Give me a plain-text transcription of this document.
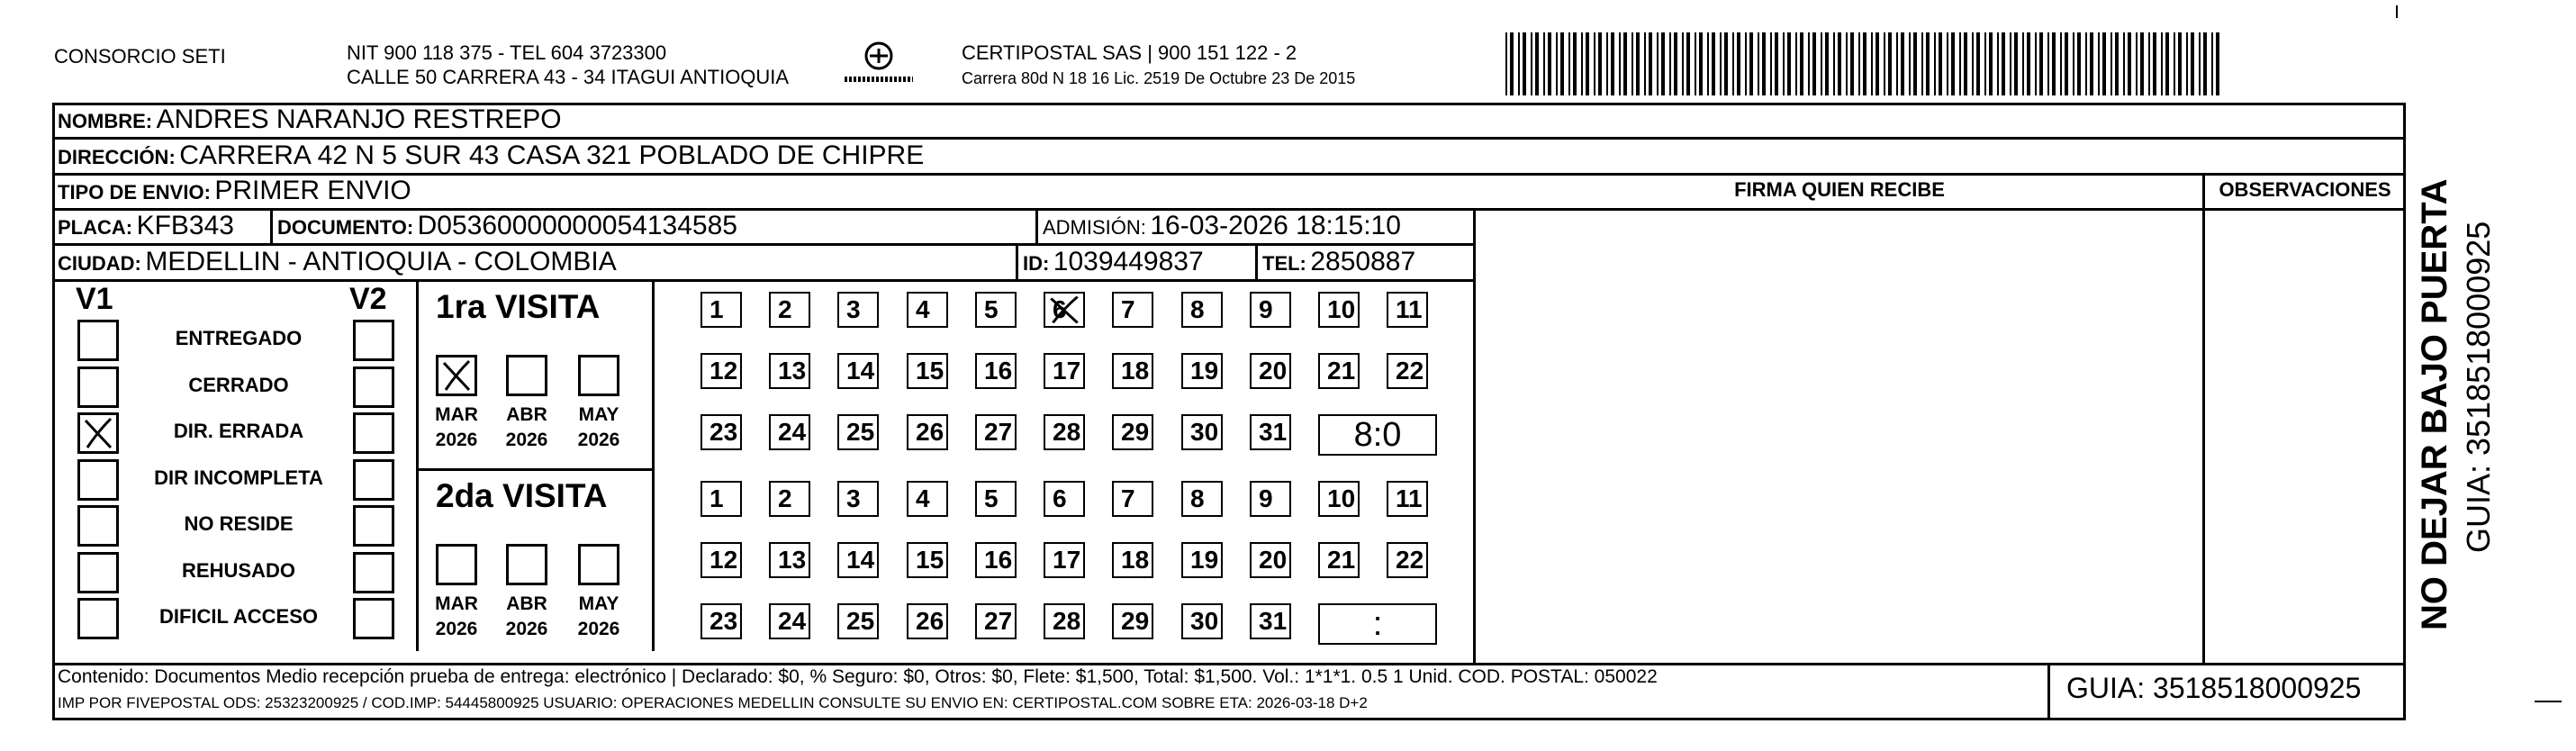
CONSORCIO SETI	NIT 900 118 375 - TEL 604 3723300
CALLE 50 CARRERA 43 - 34 ITAGUI ANTIOQUIA
CERTIPOSTAL SAS | 900 151 122 - 2
Carrera 80d N 18 16 Lic. 2519 De Octubre 23 De 2015
NOMBRE: ANDRES NARANJO RESTREPO
DIRECCIÓN: CARRERA 42 N 5 SUR 43 CASA 321 POBLADO DE CHIPRE
TIPO DE ENVIO: PRIMER ENVIO
PLACA: KFB343 DOCUMENTO: D05360000000054134585	ADMISIÓN: 16-03-2026 18:15:10
CIUDAD: MEDELLIN - ANTIOQUIA - COLOMBIA	ID: 1039449837	TEL: 2850887
FIRMA QUIEN RECIBE	OBSERVACIONES
V1	V2
ENTREGADO
CERRADO
DIR. ERRADA
DIR INCOMPLETA
NO RESIDE
REHUSADO
DIFICIL ACCESO
1ra VISITA
2da VISITA
MAR
2026
ABR
2026
MAY
2026
1	2	3	4	5	6	7	8	9	10	11
12	13	14	15	16	17	18	19	20	21	22
23	24	25	26	27	28	29	30	31	8:0
MAR
2026
ABR
2026
MAY
2026
1	2	3	4	5	6	7	8	9	10	11
12	13	14	15	16	17	18	19	20	21	22
23	24	25	26	27	28	29	30	31	:
Contenido: Documentos Medio recepción prueba de entrega: electrónico | Declarado: $0, % Seguro: $0, Otros: $0, Flete: $1,500, Total: $1,500. Vol.: 1*1*1. 0.5 1 Unid. COD. POSTAL: 050022
IMP POR FIVEPOSTAL ODS: 25323200925 / COD.IMP: 54445800925 USUARIO: OPERACIONES MEDELLIN CONSULTE SU ENVIO EN: CERTIPOSTAL.COM SOBRE ETA: 2026-03-18 D+2	GUIA: 3518518000925
NO DEJAR BAJO PUERTA GUIA: 3518518000925
